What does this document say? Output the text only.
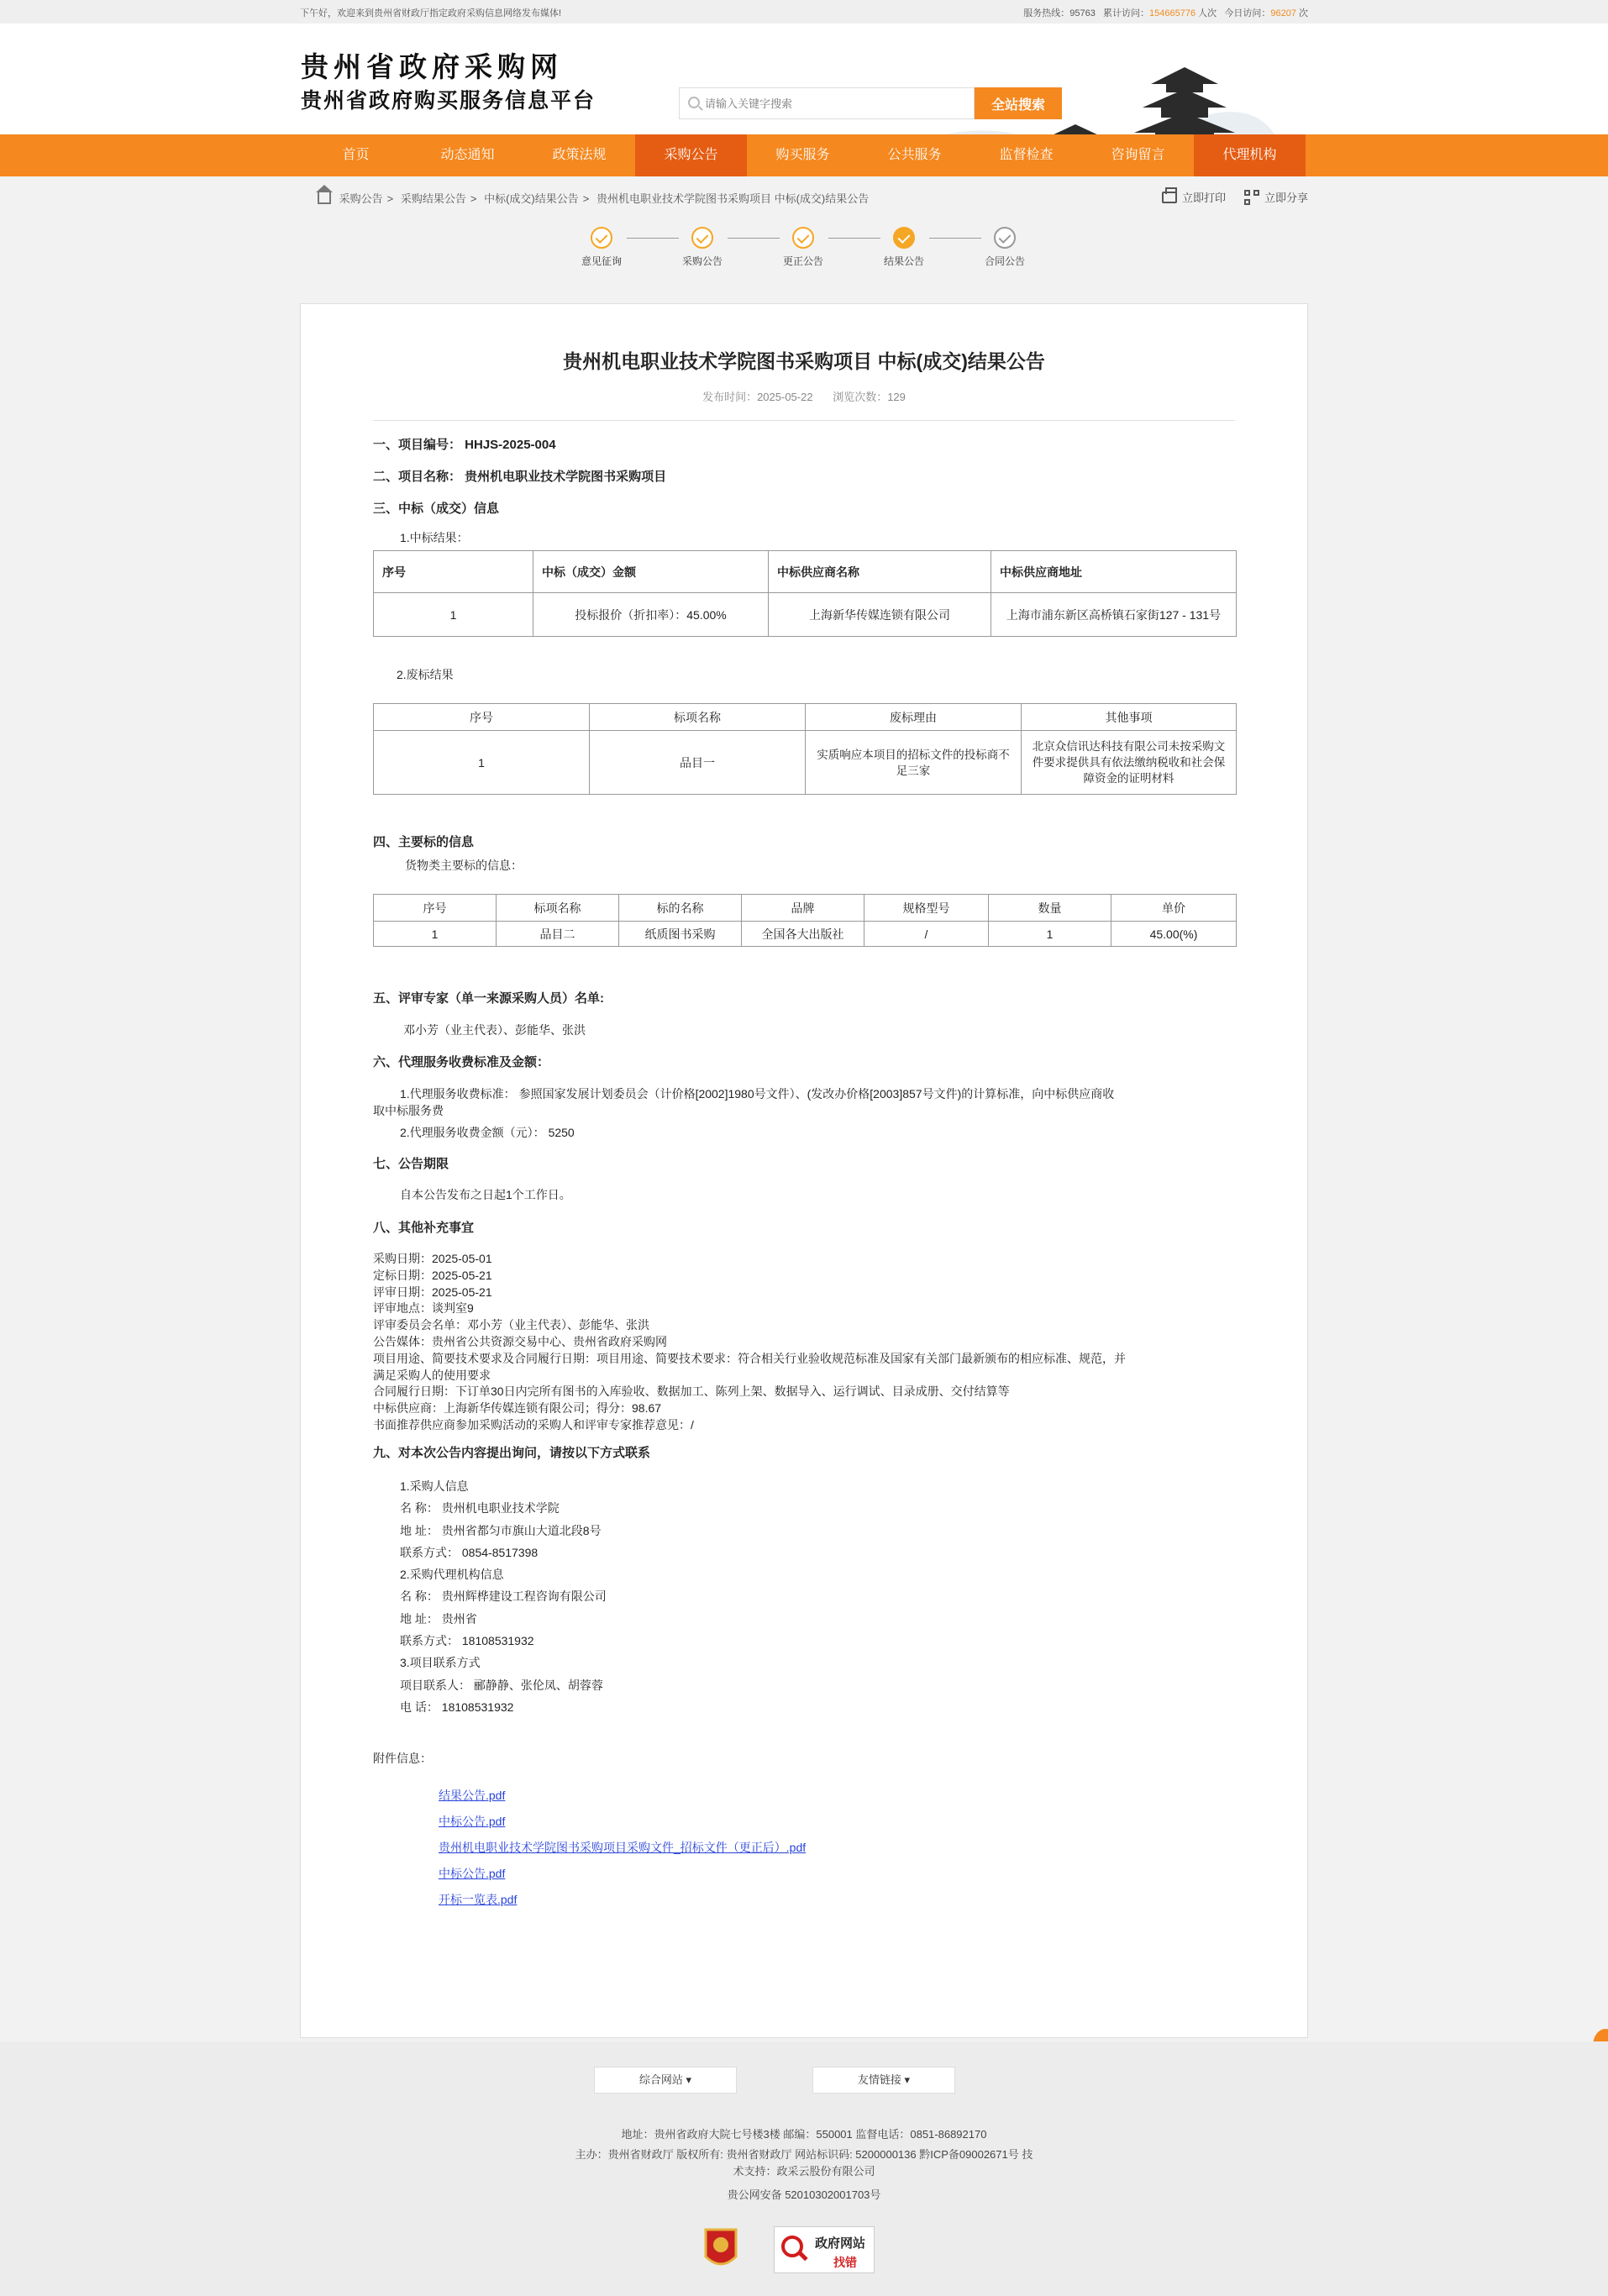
下午好，欢迎来到贵州省财政厅指定政府采购信息网络发布媒体!	服务热线：95763 累计访问：154665776 人次 今日访问：96207 次
贵州省政府采购网
贵州省政府购买服务信息平台
请输入关键字搜索	全站搜索
首页	动态通知	政策法规	采购公告	购买服务	公共服务	监督检查	咨询留言	代理机构
采购公告 > 采购结果公告 > 中标(成交)结果公告 > 贵州机电职业技术学院图书采购项目 中标(成交)结果公告	立即打印	立即分享
意见征询	采购公告	更正公告	结果公告	合同公告
贵州机电职业技术学院图书采购项目 中标(成交)结果公告
发布时间：2025-05-22 浏览次数：129
一、项目编号： HHJS-2025-004
二、项目名称： 贵州机电职业技术学院图书采购项目
三、中标（成交）信息
1.中标结果：
序号	中标（成交）金额	中标供应商名称	中标供应商地址
1	投标报价（折扣率）：45.00%	上海新华传媒连锁有限公司	上海市浦东新区高桥镇石家街127 - 131号
2.废标结果
序号	标项名称	废标理由	其他事项
1	品目一	实质响应本项目的招标文件的投标商不足三家	北京众信讯达科技有限公司未按采购文件要求提供具有依法缴纳税收和社会保障资金的证明材料
四、主要标的信息
货物类主要标的信息：
序号	标项名称	标的名称	品牌	规格型号	数量	单价
1	品目二	纸质图书采购	全国各大出版社	/	1	45.00(%)
五、评审专家（单一来源采购人员）名单:
邓小芳（业主代表）、彭能华、张洪
六、代理服务收费标准及金额：
1.代理服务收费标准： 参照国家发展计划委员会（计价格[2002]1980号文件）、(发改办价格[2003]857号文件)的计算标准，向中标供应商收
取中标服务费
2.代理服务收费金额（元）： 5250
七、公告期限
自本公告发布之日起1个工作日。
八、其他补充事宜
采购日期：2025-05-01
定标日期：2025-05-21
评审日期：2025-05-21
评审地点：谈判室9
评审委员会名单：邓小芳（业主代表）、彭能华、张洪
公告媒体：贵州省公共资源交易中心、贵州省政府采购网
项目用途、简要技术要求及合同履行日期：项目用途、简要技术要求：符合相关行业验收规范标准及国家有关部门最新颁布的相应标准、规范，并
满足采购人的使用要求
合同履行日期：下订单30日内完所有图书的入库验收、数据加工、陈列上架、数据导入、运行调试、目录成册、交付结算等
中标供应商：上海新华传媒连锁有限公司；得分：98.67
书面推荐供应商参加采购活动的采购人和评审专家推荐意见：/
九、对本次公告内容提出询问，请按以下方式联系
1.采购人信息
名 称： 贵州机电职业技术学院
地 址： 贵州省都匀市旗山大道北段8号
联系方式： 0854-8517398
2.采购代理机构信息
名 称： 贵州辉桦建设工程咨询有限公司
地 址： 贵州省
联系方式： 18108531932
3.项目联系方式
项目联系人： 郦静静、张伦凤、胡蓉蓉
电 话： 18108531932
附件信息：
结果公告.pdf
中标公告.pdf
贵州机电职业技术学院图书采购项目采购文件_招标文件（更正后）.pdf
中标公告.pdf
开标一览表.pdf
综合网站 ▾	友情链接 ▾
地址：贵州省政府大院七号楼3楼 邮编：550001 监督电话：0851-86892170
主办：贵州省财政厅 版权所有: 贵州省财政厅 网站标识码: 5200000136 黔ICP备09002671号 技
术支持：政采云股份有限公司
贵公网安备 52010302001703号
政府网站
找错
